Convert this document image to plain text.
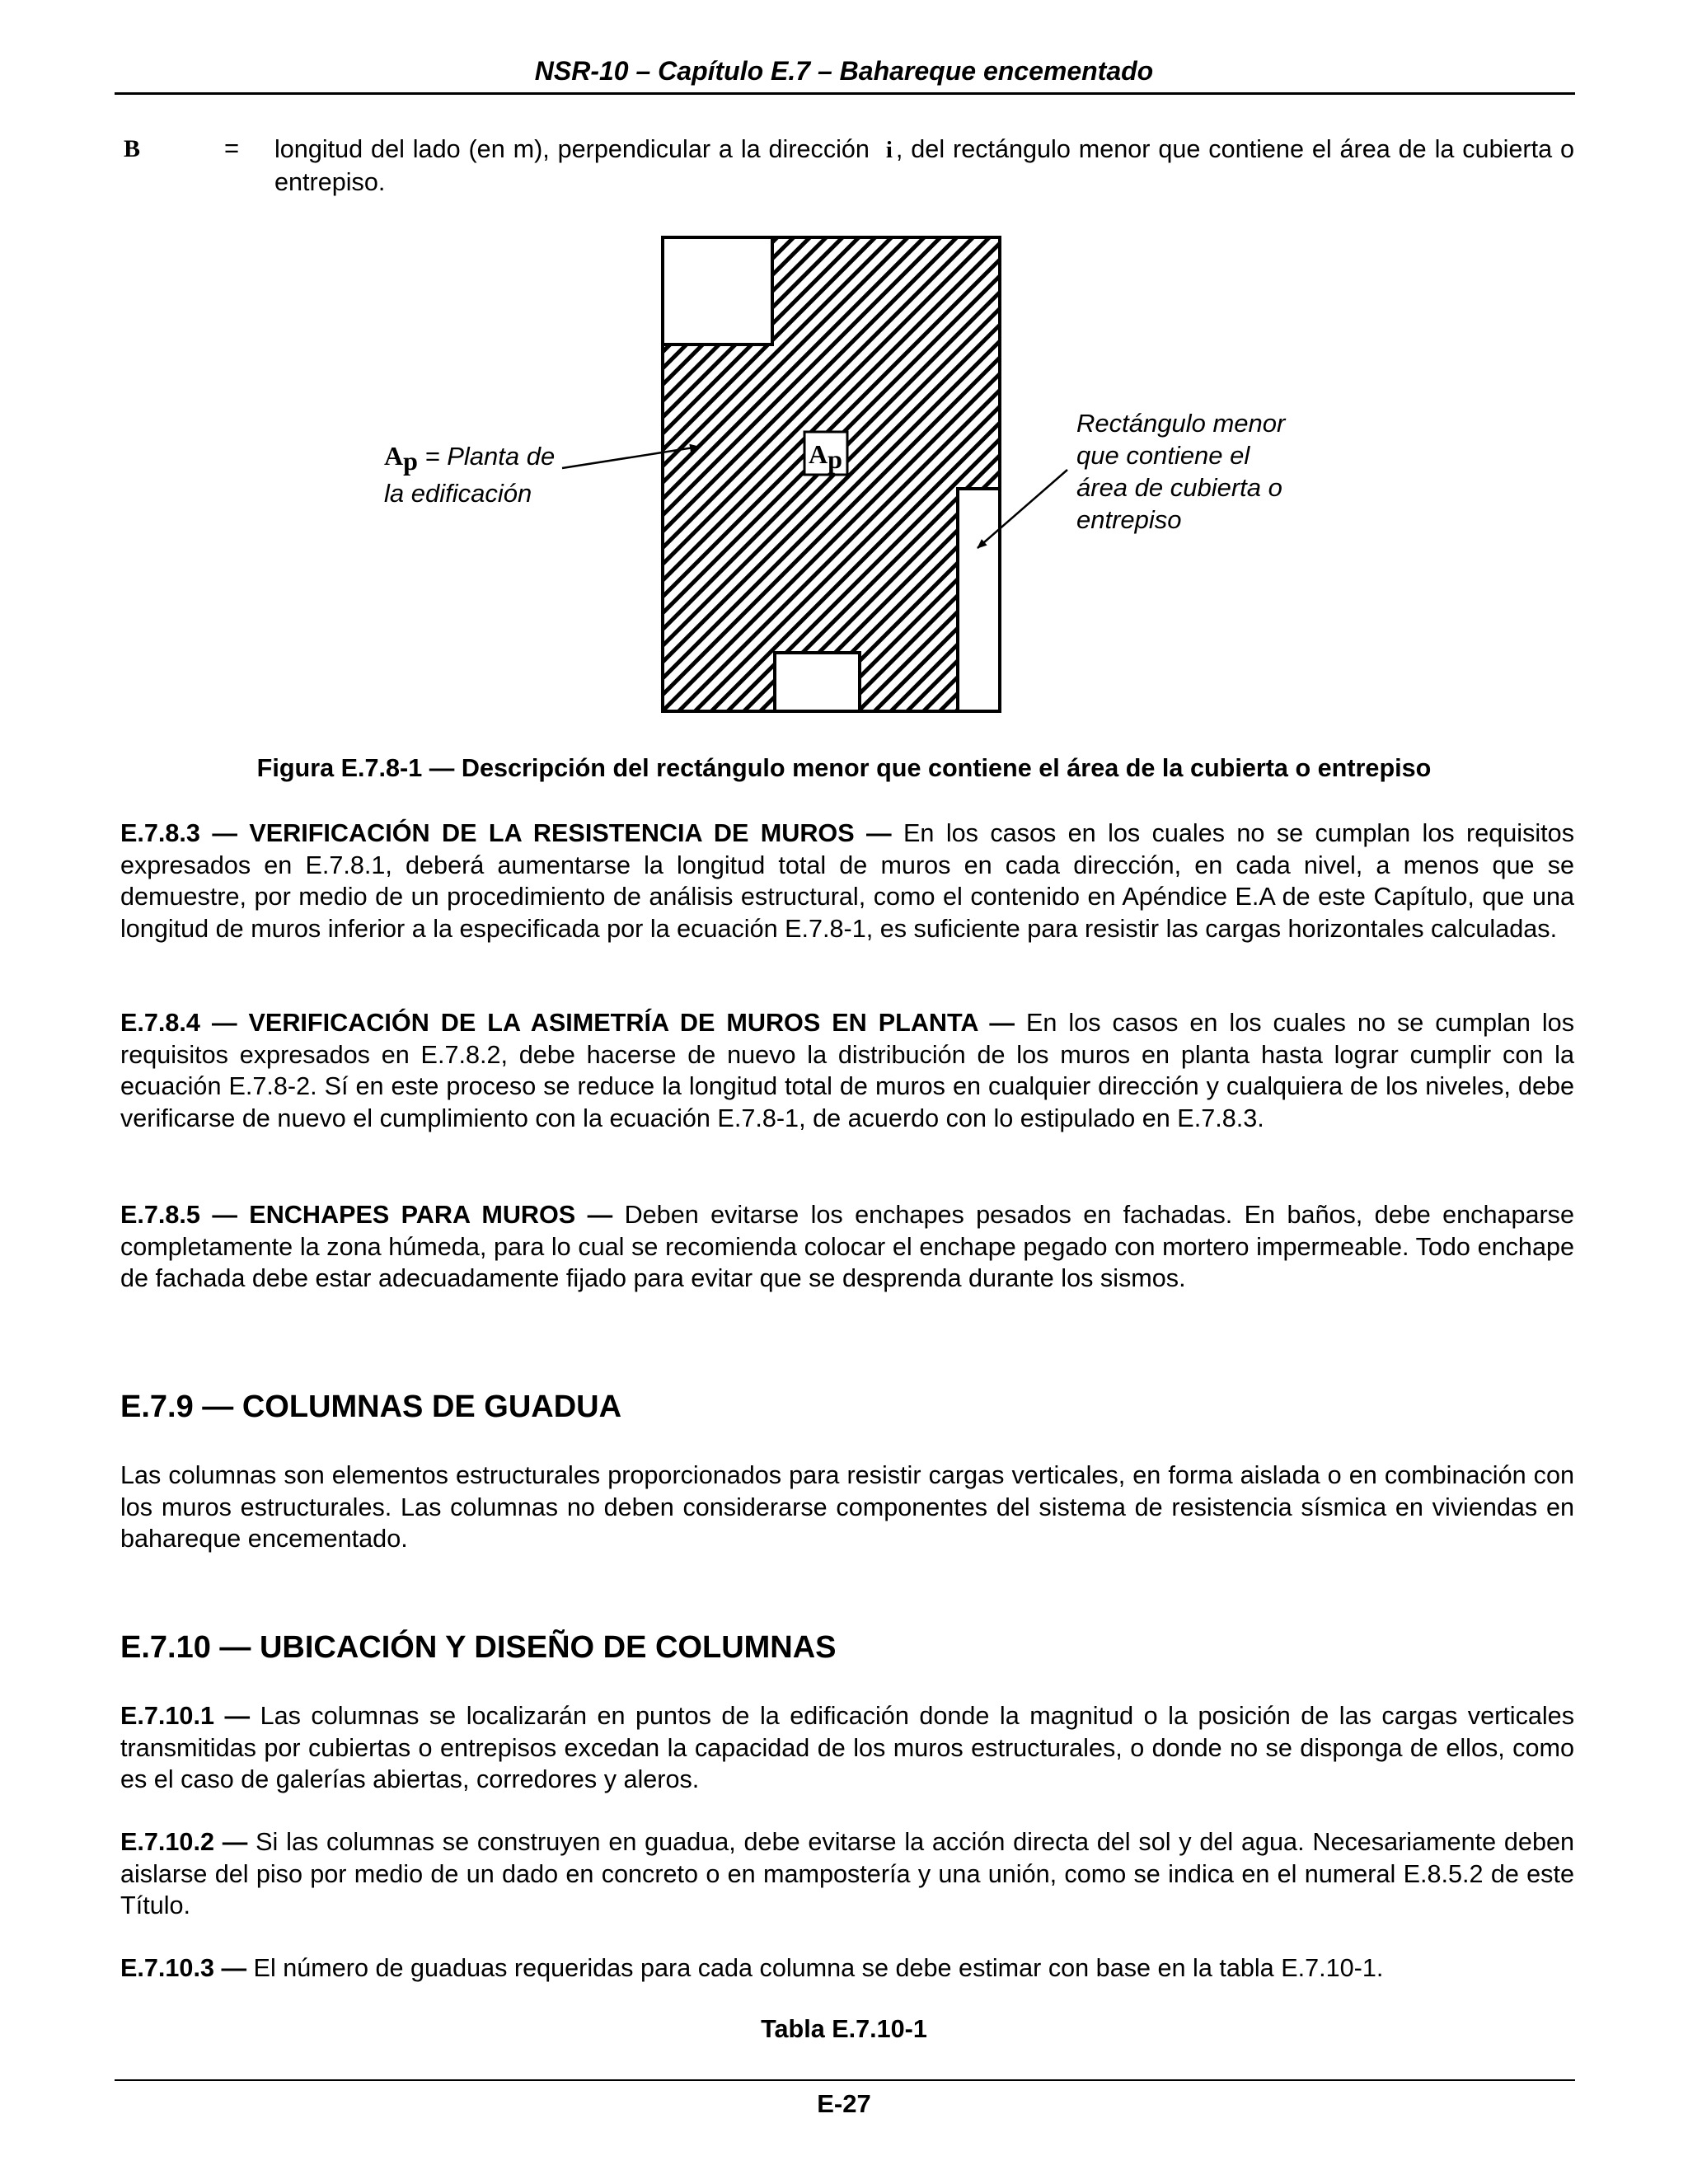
NSR-10 – Capítulo E.7 – Bahareque encementado
B	= longitud del lado (en m), perpendicular a la dirección i , del rectángulo menor que contiene el área de la cubierta o entrepiso.
Ap
Ap = Planta de
la edificación
Rectángulo menor
que contiene el
área de cubierta o
entrepiso
Figura E.7.8-1 — Descripción del rectángulo menor que contiene el área de la cubierta o entrepiso
E.7.8.3 — VERIFICACIÓN DE LA RESISTENCIA DE MUROS — En los casos en los cuales no se cumplan los requisitos expresados en E.7.8.1, deberá aumentarse la longitud total de muros en cada dirección, en cada nivel, a menos que se demuestre, por medio de un procedimiento de análisis estructural, como el contenido en Apéndice E.A de este Capítulo, que una longitud de muros inferior a la especificada por la ecuación E.7.8-1, es suficiente para resistir las cargas horizontales calculadas.
E.7.8.4 — VERIFICACIÓN DE LA ASIMETRÍA DE MUROS EN PLANTA — En los casos en los cuales no se cumplan los requisitos expresados en E.7.8.2, debe hacerse de nuevo la distribución de los muros en planta hasta lograr cumplir con la ecuación E.7.8-2. Sí en este proceso se reduce la longitud total de muros en cualquier dirección y cualquiera de los niveles, debe verificarse de nuevo el cumplimiento con la ecuación E.7.8-1, de acuerdo con lo estipulado en E.7.8.3.
E.7.8.5 — ENCHAPES PARA MUROS — Deben evitarse los enchapes pesados en fachadas. En baños, debe enchaparse completamente la zona húmeda, para lo cual se recomienda colocar el enchape pegado con mortero impermeable. Todo enchape de fachada debe estar adecuadamente fijado para evitar que se desprenda durante los sismos.
E.7.9 — COLUMNAS DE GUADUA
Las columnas son elementos estructurales proporcionados para resistir cargas verticales, en forma aislada o en combinación con los muros estructurales. Las columnas no deben considerarse componentes del sistema de resistencia sísmica en viviendas en bahareque encementado.
E.7.10 — UBICACIÓN Y DISEÑO DE COLUMNAS
E.7.10.1 — Las columnas se localizarán en puntos de la edificación donde la magnitud o la posición de las cargas verticales transmitidas por cubiertas o entrepisos excedan la capacidad de los muros estructurales, o donde no se disponga de ellos, como es el caso de galerías abiertas, corredores y aleros.
E.7.10.2 — Si las columnas se construyen en guadua, debe evitarse la acción directa del sol y del agua. Necesariamente deben aislarse del piso por medio de un dado en concreto o en mampostería y una unión, como se indica en el numeral E.8.5.2 de este Título.
E.7.10.3 — El número de guaduas requeridas para cada columna se debe estimar con base en la tabla E.7.10-1.
Tabla E.7.10-1
E-27
